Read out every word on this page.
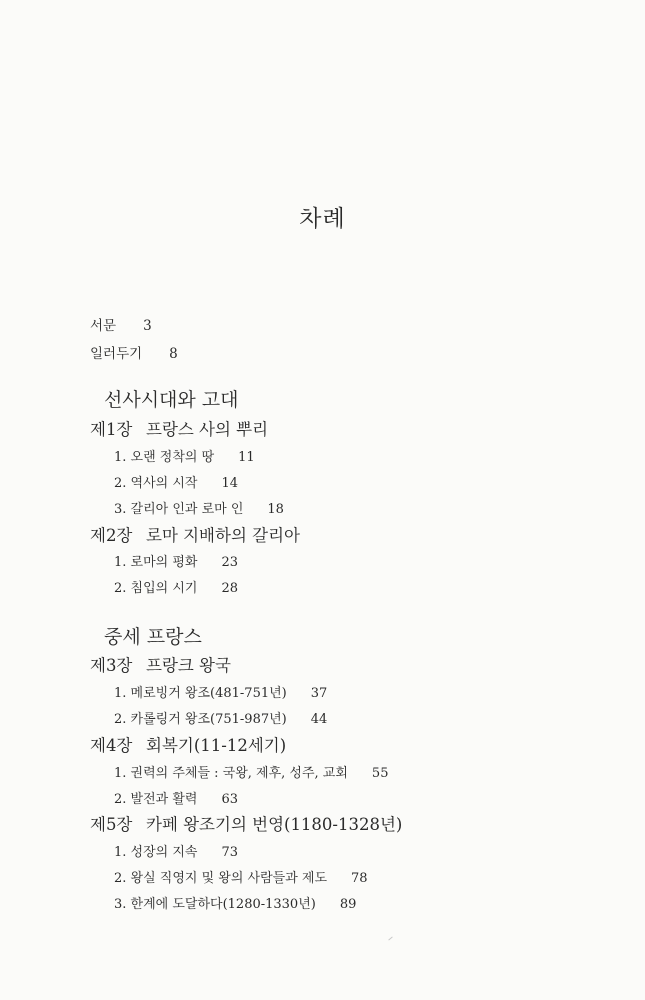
차례
서문 3
일러두기 8
선사시대와 고대
제1장 프랑스 사의 뿌리
1. 오랜 정착의 땅 11
2. 역사의 시작 14
3. 갈리아 인과 로마 인 18
제2장 로마 지배하의 갈리아
1. 로마의 평화 23
2. 침입의 시기 28
중세 프랑스
제3장 프랑크 왕국
1. 메로빙거 왕조(481-751년) 37
2. 카롤링거 왕조(751-987년) 44
제4장 회복기(11-12세기)
1. 권력의 주체들 : 국왕, 제후, 성주, 교회 55
2. 발전과 활력 63
제5장 카페 왕조기의 번영(1180-1328년)
1. 성장의 지속 73
2. 왕실 직영지 및 왕의 사람들과 제도 78
3. 한계에 도달하다(1280-1330년) 89
